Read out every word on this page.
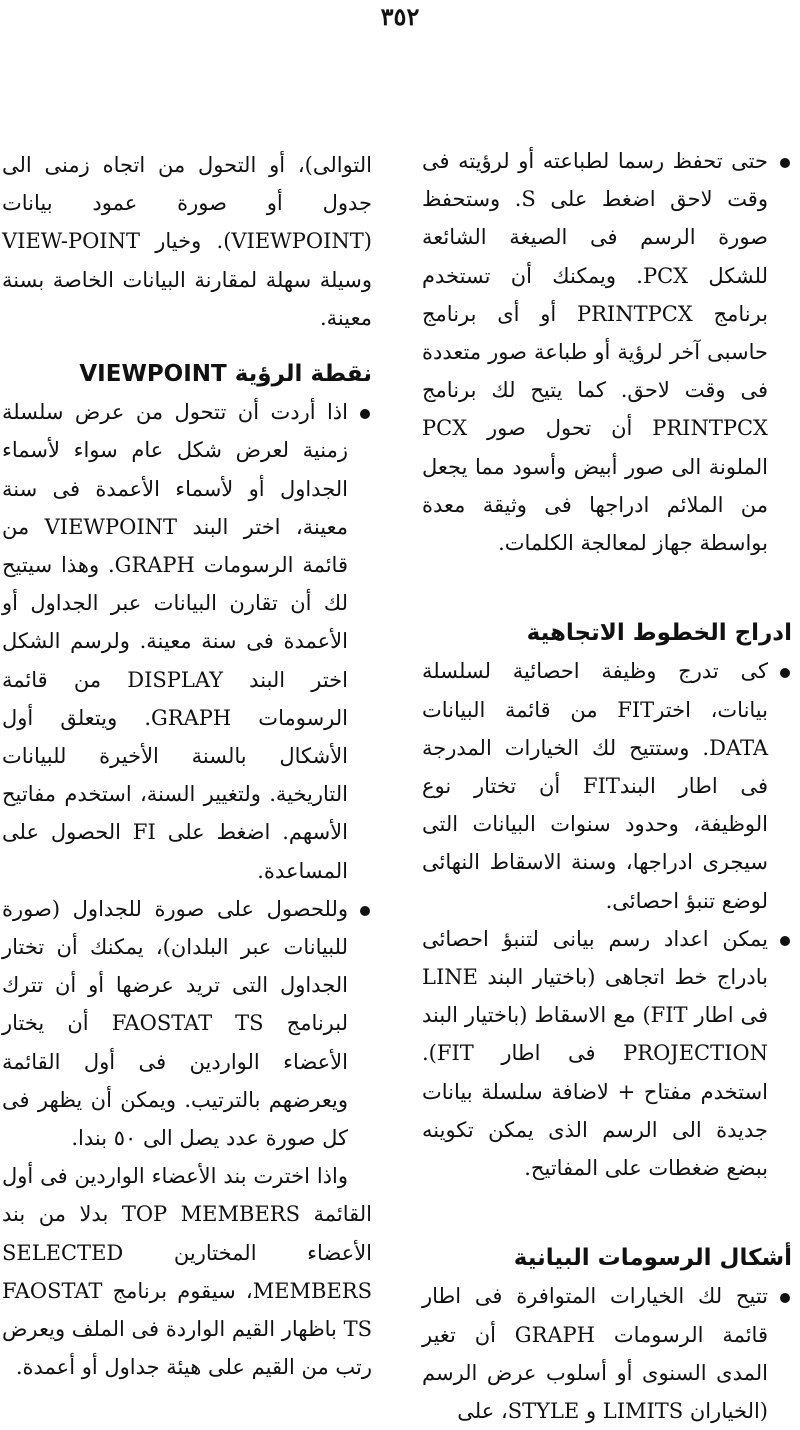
٣٥٢

حتى تحفظ رسما لطباعته أو لرؤيته فى وقت لاحق اضغط على S. وستحفظ صورة الرسم فى الصيغة الشائعة للشكل PCX. ويمكنك أن تستخدم برنامج PRINTPCX أو أى برنامج حاسبى آخر لرؤية أو طباعة صور متعددة فى وقت لاحق. كما يتيح لك برنامج PRINTPCX أن تحول صور PCX الملونة الى صور أبيض وأسود مما يجعل من الملائم ادراجها فى وثيقة معدة بواسطة جهاز لمعالجة الكلمات.

ادراج الخطوط الاتجاهية

كى تدرج وظيفة احصائية لسلسلة بيانات، اخترFIT من قائمة البيانات DATA. وستتيح لك الخيارات المدرجة فى اطار البندFIT أن تختار نوع الوظيفة، وحدود سنوات البيانات التى سيجرى ادراجها، وسنة الاسقاط النهائى لوضع تنبؤ احصائى.

يمكن اعداد رسم بيانى لتنبؤ احصائى بادراج خط اتجاهى (باختيار البند LINE فى اطار FIT) مع الاسقاط (باختيار البند PROJECTION فى اطار FIT). استخدم مفتاح + لاضافة سلسلة بيانات جديدة الى الرسم الذى يمكن تكوينه ببضع ضغطات على المفاتيح.

أشكال الرسومات البيانية

تتيح لك الخيارات المتوافرة فى اطار قائمة الرسومات GRAPH أن تغير المدى السنوى أو أسلوب عرض الرسم (الخياران LIMITS و STYLE، على

التوالى)، أو التحول من اتجاه زمنى الى جدول أو صورة عمود بيانات (VIEWPOINT). وخيار VIEW-POINT وسيلة سهلة لمقارنة البيانات الخاصة بسنة معينة.

نقطة الرؤية VIEWPOINT

اذا أردت أن تتحول من عرض سلسلة زمنية لعرض شكل عام سواء لأسماء الجداول أو لأسماء الأعمدة فى سنة معينة، اختر البند VIEWPOINT من قائمة الرسومات GRAPH. وهذا سيتيح لك أن تقارن البيانات عبر الجداول أو الأعمدة فى سنة معينة. ولرسم الشكل اختر البند DISPLAY من قائمة الرسومات GRAPH. ويتعلق أول الأشكال بالسنة الأخيرة للبيانات التاريخية. ولتغيير السنة، استخدم مفاتيح الأسهم. اضغط على FI الحصول على المساعدة.

وللحصول على صورة للجداول (صورة للبيانات عبر البلدان)، يمكنك أن تختار الجداول التى تريد عرضها أو أن تترك لبرنامج FAOSTAT TS أن يختار الأعضاء الواردين فى أول القائمة ويعرضهم بالترتيب. ويمكن أن يظهر فى كل صورة عدد يصل الى ٥٠ بندا.

واذا اخترت بند الأعضاء الواردين فى أول القائمة TOP MEMBERS بدلا من بند الأعضاء المختارين SELECTED MEMBERS، سيقوم برنامج FAOSTAT TS باظهار القيم الواردة فى الملف ويعرض رتب من القيم على هيئة جداول أو أعمدة.
